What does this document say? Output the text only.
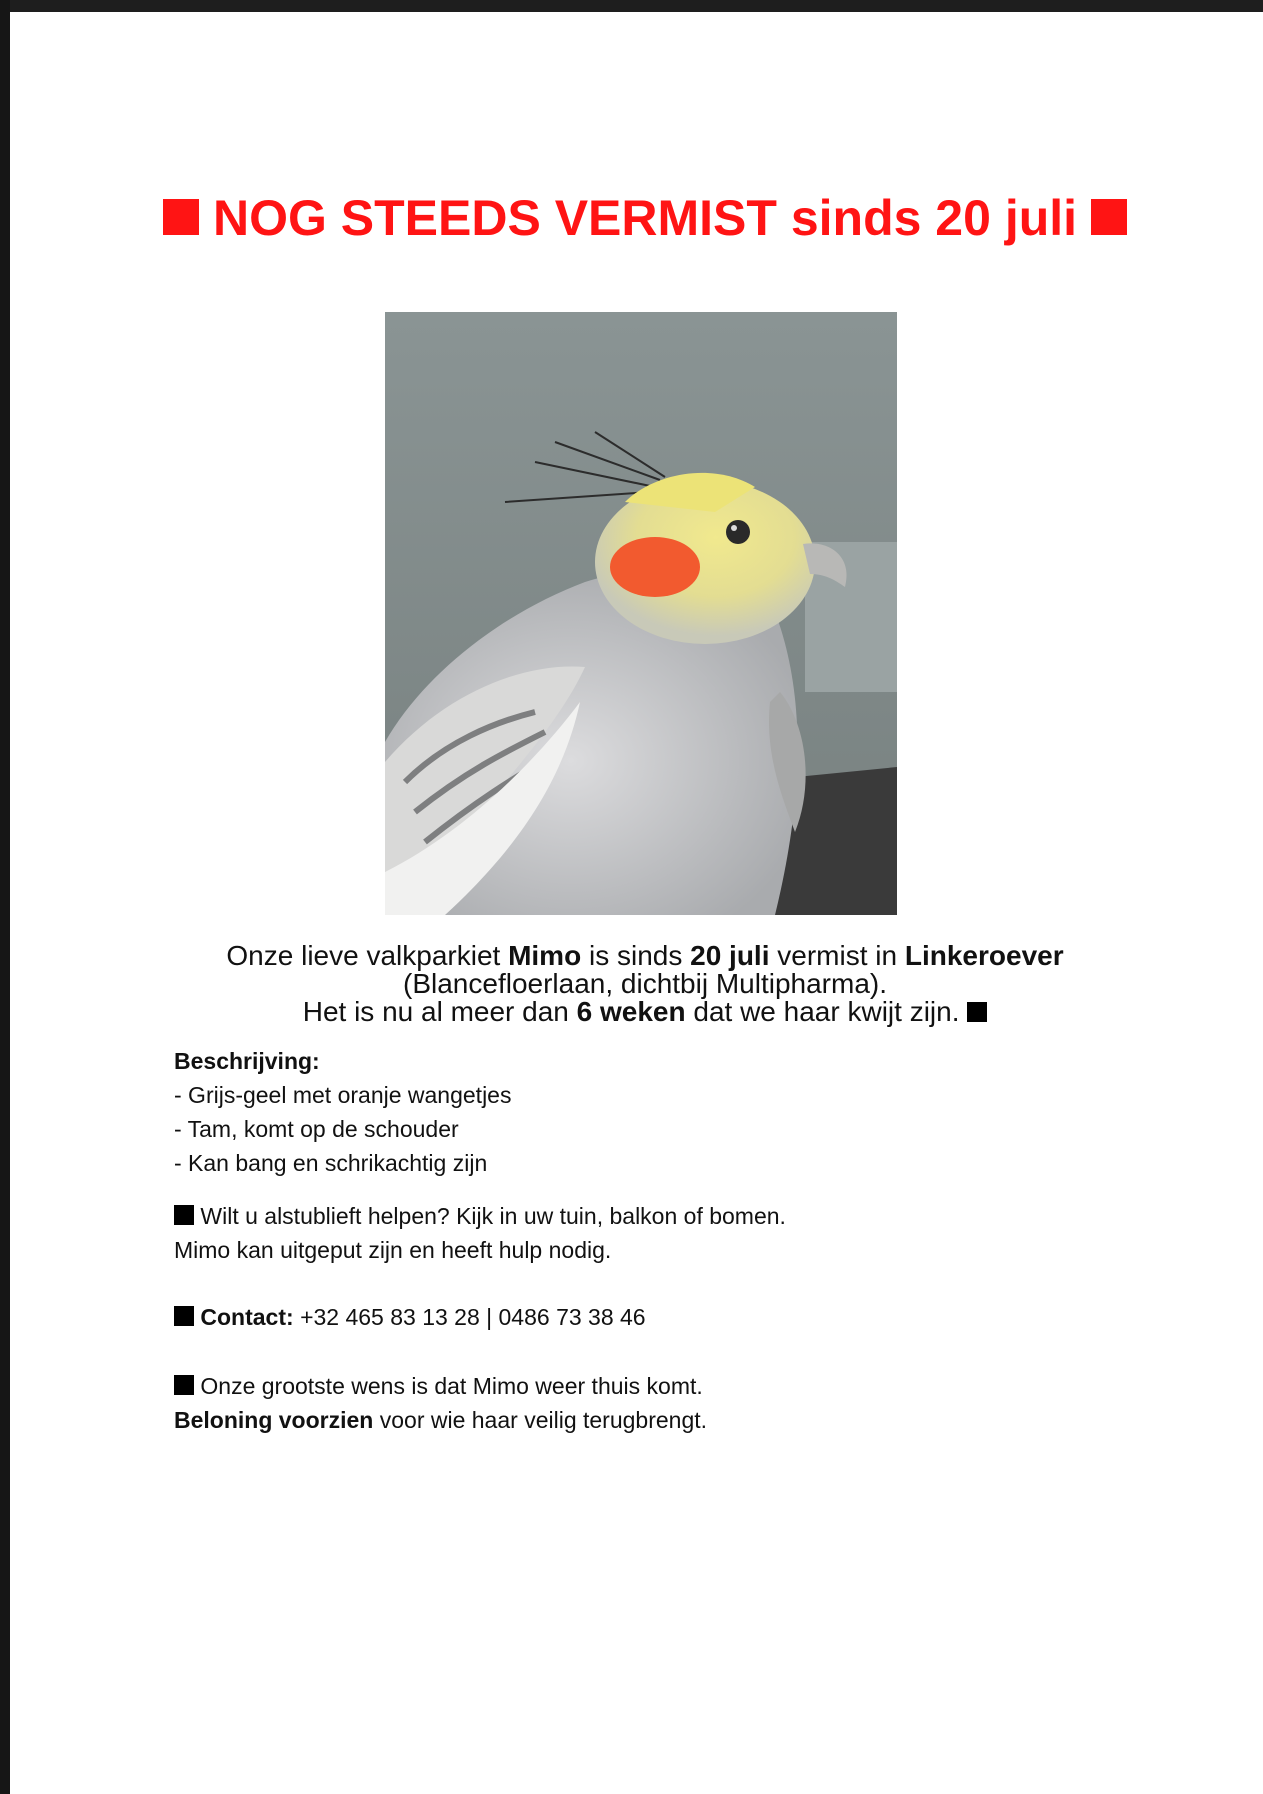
NOG STEEDS VERMIST sinds 20 juli

Onze lieve valkparkiet Mimo is sinds 20 juli vermist in Linkeroever

(Blancefloerlaan, dichtbij Multipharma).

Het is nu al meer dan 6 weken dat we haar kwijt zijn.

Beschrijving:

- Grijs-geel met oranje wangetjes

- Tam, komt op de schouder

- Kan bang en schrikachtig zijn

Wilt u alstublieft helpen? Kijk in uw tuin, balkon of bomen.

Mimo kan uitgeput zijn en heeft hulp nodig.

Contact: +32 465 83 13 28 | 0486 73 38 46

Onze grootste wens is dat Mimo weer thuis komt.

Beloning voorzien voor wie haar veilig terugbrengt.
